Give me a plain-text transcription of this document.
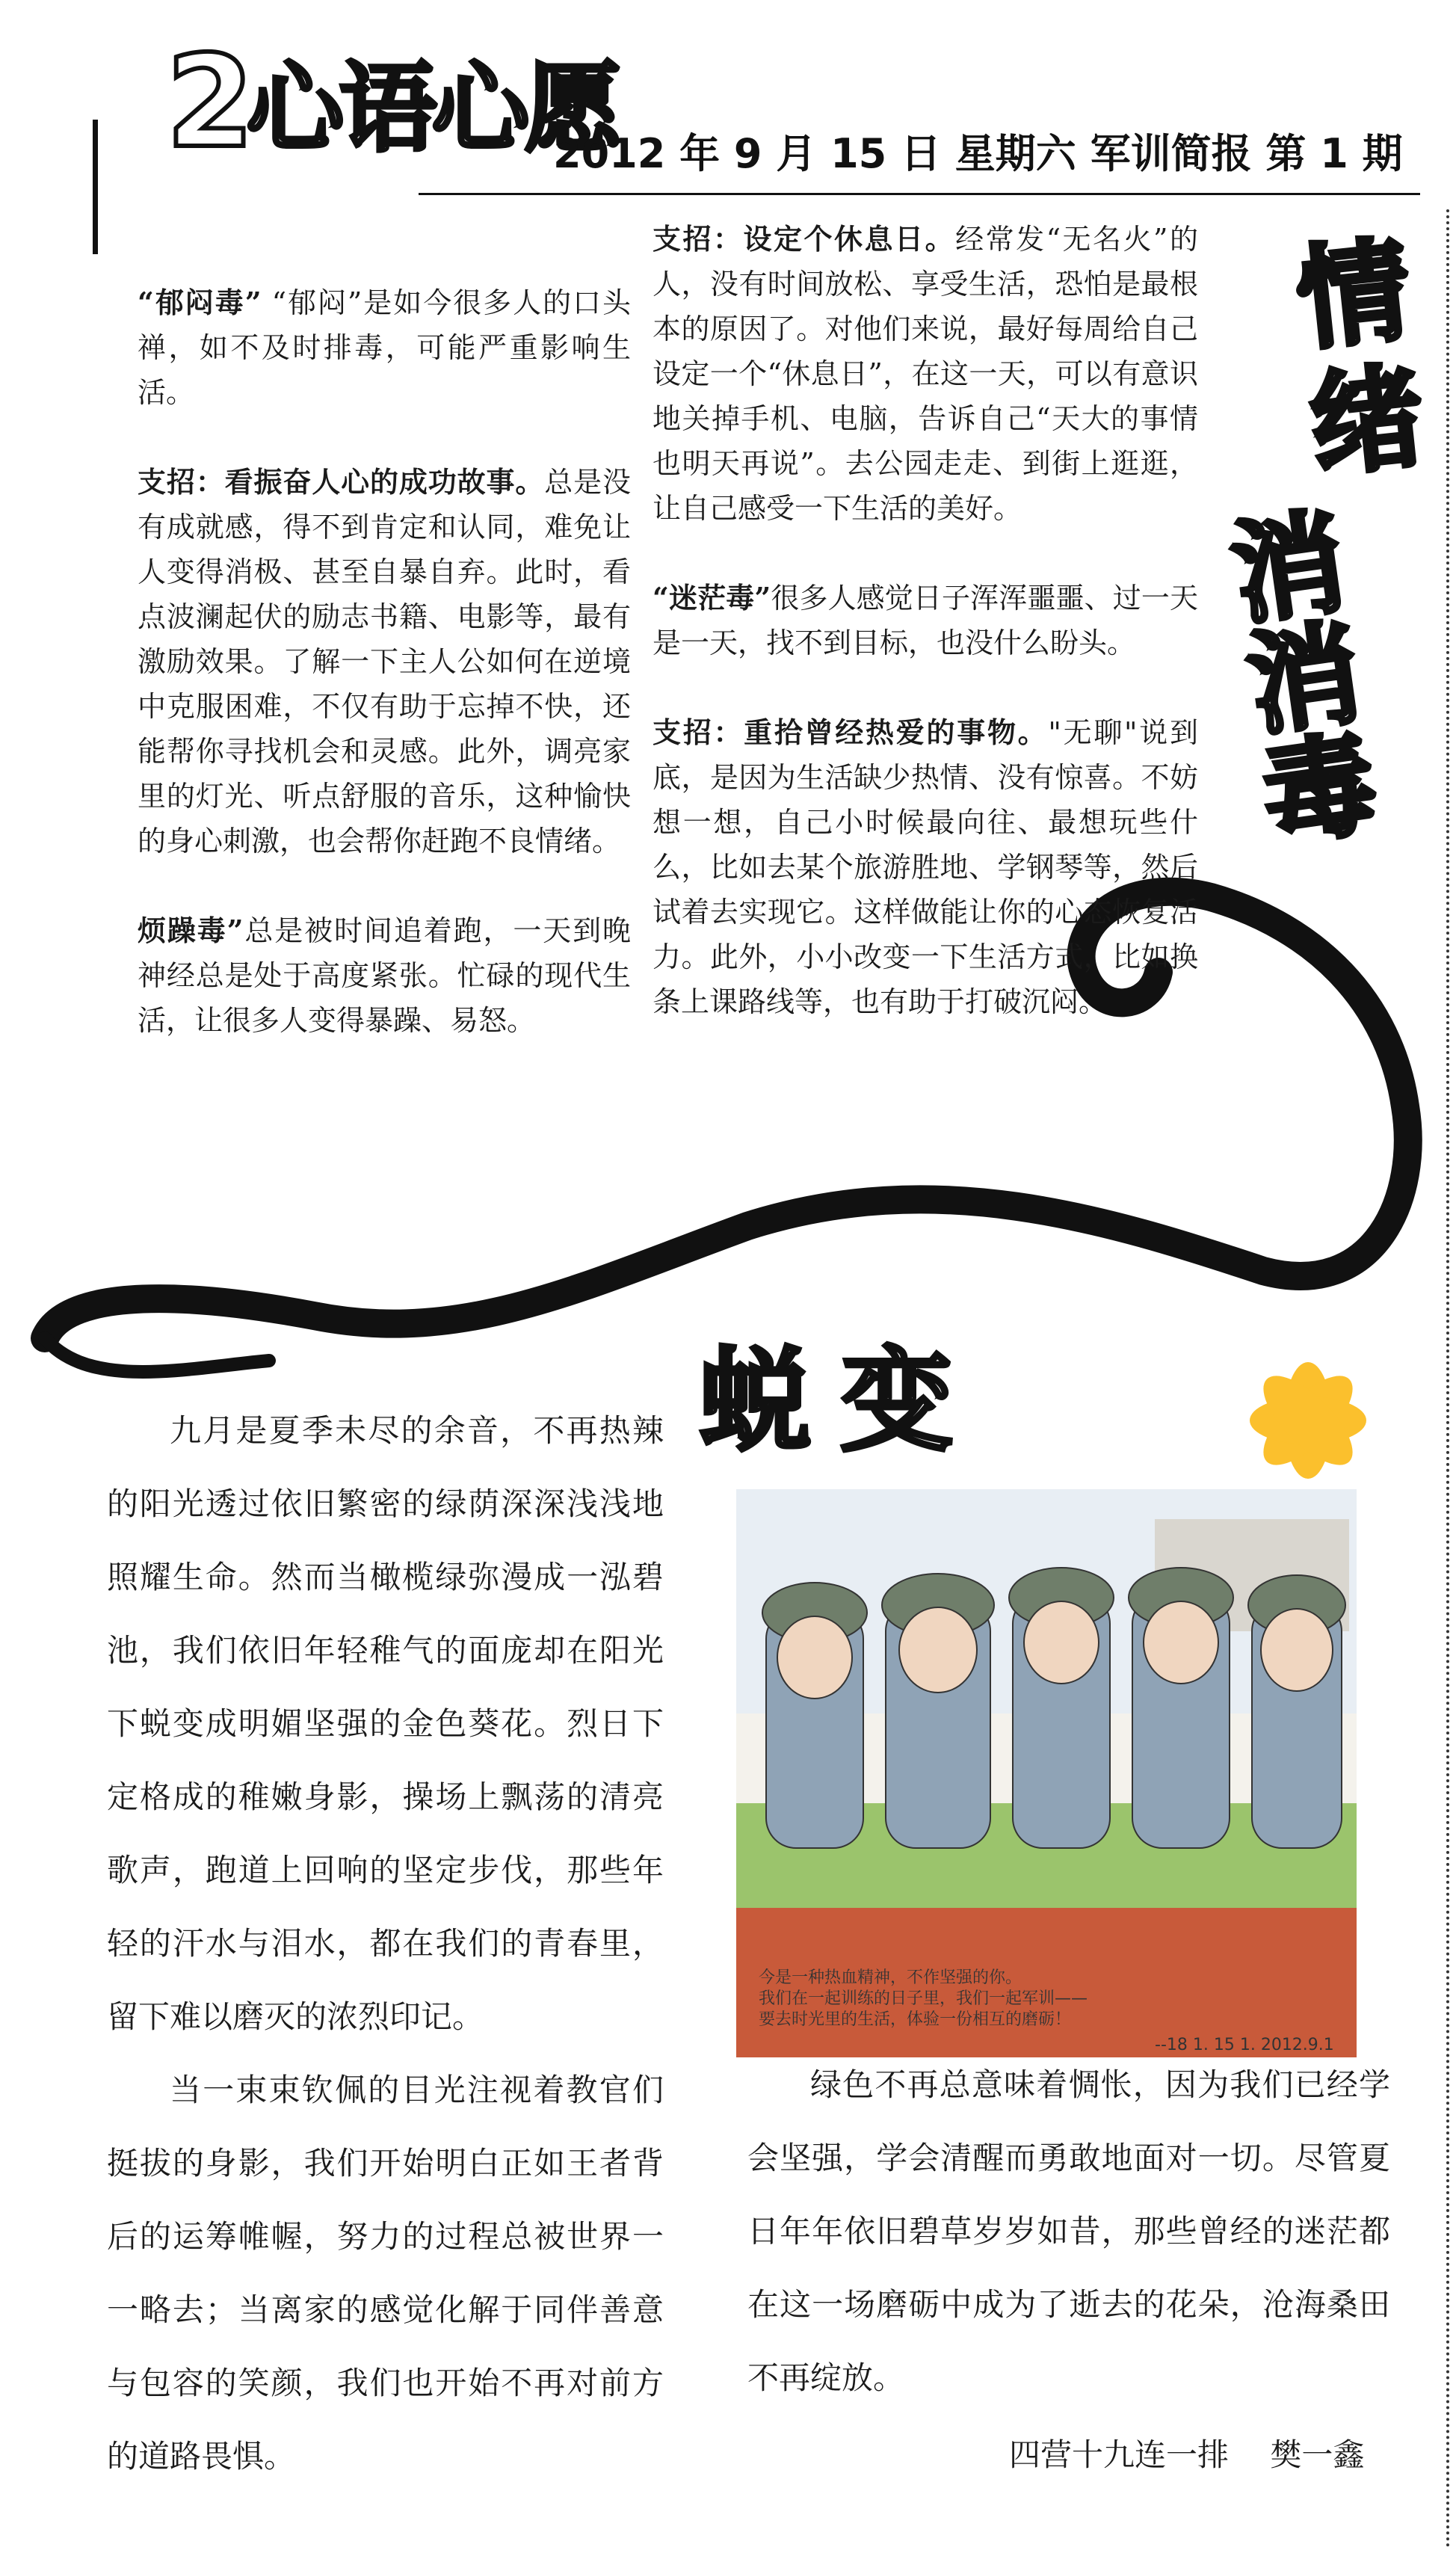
2
心语心愿
2012 年 9 月 15 日 星期六 军训简报 第 1 期
情绪
消消毒

“郁闷毒” “郁闷”是如今很多人的口头禅，如不及时排毒，可能严重影响生活。

支招：看振奋人心的成功故事。总是没有成就感，得不到肯定和认同，难免让人变得消极、甚至自暴自弃。此时，看点波澜起伏的励志书籍、电影等，最有激励效果。了解一下主人公如何在逆境中克服困难，不仅有助于忘掉不快，还能帮你寻找机会和灵感。此外，调亮家里的灯光、听点舒服的音乐，这种愉快的身心刺激，也会帮你赶跑不良情绪。

烦躁毒”总是被时间追着跑，一天到晚神经总是处于高度紧张。忙碌的现代生活，让很多人变得暴躁、易怒。

支招：设定个休息日。经常发“无名火”的人，没有时间放松、享受生活，恐怕是最根本的原因了。对他们来说，最好每周给自己设定一个“休息日”，在这一天，可以有意识地关掉手机、电脑，告诉自己“天大的事情也明天再说”。去公园走走、到街上逛逛，让自己感受一下生活的美好。

“迷茫毒”很多人感觉日子浑浑噩噩、过一天是一天，找不到目标，也没什么盼头。

支招：重拾曾经热爱的事物。"无聊"说到底，是因为生活缺少热情、没有惊喜。不妨想一想，自己小时候最向往、最想玩些什么，比如去某个旅游胜地、学钢琴等，然后试着去实现它。这样做能让你的心态恢复活力。此外，小小改变一下生活方式，比如换条上课路线等，也有助于打破沉闷。

蜕变

九月是夏季未尽的余音，不再热辣的阳光透过依旧繁密的绿荫深深浅浅地照耀生命。然而当橄榄绿弥漫成一泓碧池，我们依旧年轻稚气的面庞却在阳光下蜕变成明媚坚强的金色葵花。烈日下定格成的稚嫩身影，操场上飘荡的清亮歌声，跑道上回响的坚定步伐，那些年轻的汗水与泪水，都在我们的青春里，留下难以磨灭的浓烈印记。

当一束束钦佩的目光注视着教官们挺拔的身影，我们开始明白正如王者背后的运筹帷幄，努力的过程总被世界一一略去；当离家的感觉化解于同伴善意与包容的笑颜，我们也开始不再对前方的道路畏惧。

今是一种热血精神，不作坚强的你。
我们在一起训练的日子里，我们一起军训——
要去时光里的生活，体验一份相互的磨砺！
--18 1. 15 1. 2012.9.1

绿色不再总意味着惆怅，因为我们已经学会坚强，学会清醒而勇敢地面对一切。尽管夏日年年依旧碧草岁岁如昔，那些曾经的迷茫都在这一场磨砺中成为了逝去的花朵，沧海桑田不再绽放。

四营十九连一排　 樊一鑫
